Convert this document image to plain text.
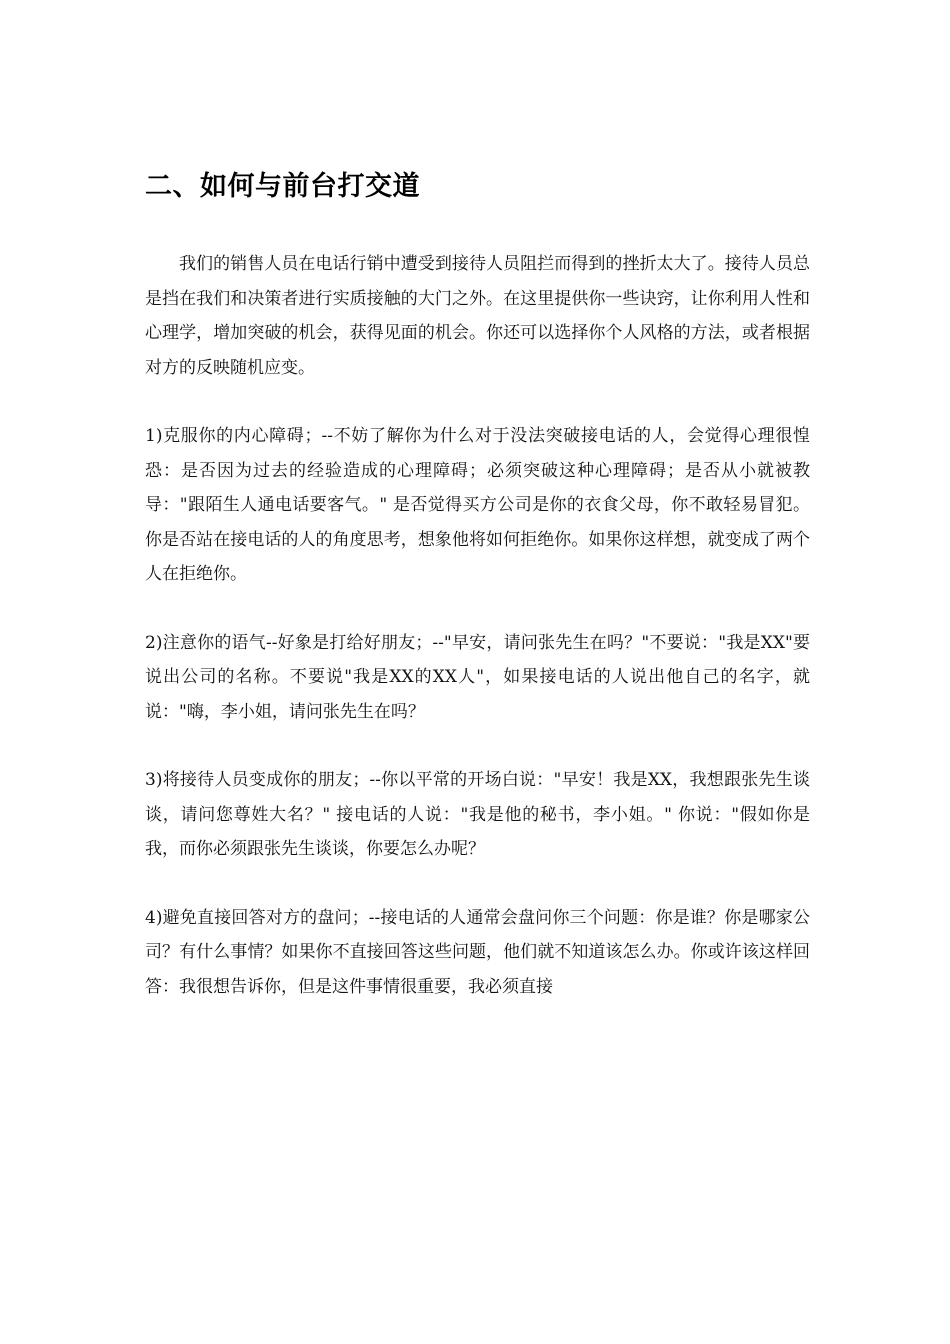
二、如何与前台打交道

我们的销售人员在电话行销中遭受到接待人员阻拦而得到的挫折太大了。接待人员总是挡在我们和决策者进行实质接触的大门之外。在这里提供你一些诀窍，让你利用人性和心理学，增加突破的机会，获得见面的机会。你还可以选择你个人风格的方法，或者根据对方的反映随机应变。

1)克服你的内心障碍；--不妨了解你为什么对于没法突破接电话的人，会觉得心理很惶恐：是否因为过去的经验造成的心理障碍；必须突破这种心理障碍；是否从小就被教导："跟陌生人通电话要客气。" 是否觉得买方公司是你的衣食父母，你不敢轻易冒犯。 你是否站在接电话的人的角度思考，想象他将如何拒绝你。如果你这样想，就变成了两个人在拒绝你。

2)注意你的语气--好象是打给好朋友；--"早安，请问张先生在吗？"不要说："我是XX"要说出公司的名称。不要说"我是XX的XX人"，如果接电话的人说出他自己的名字，就说："嗨，李小姐，请问张先生在吗？

3)将接待人员变成你的朋友；--你以平常的开场白说："早安！我是XX，我想跟张先生谈谈，请问您尊姓大名？" 接电话的人说："我是他的秘书，李小姐。" 你说："假如你是我，而你必须跟张先生谈谈，你要怎么办呢？

4)避免直接回答对方的盘问；--接电话的人通常会盘问你三个问题：你是谁？你是哪家公司？有什么事情？如果你不直接回答这些问题，他们就不知道该怎么办。你或许该这样回答：我很想告诉你，但是这件事情很重要，我必须直接
